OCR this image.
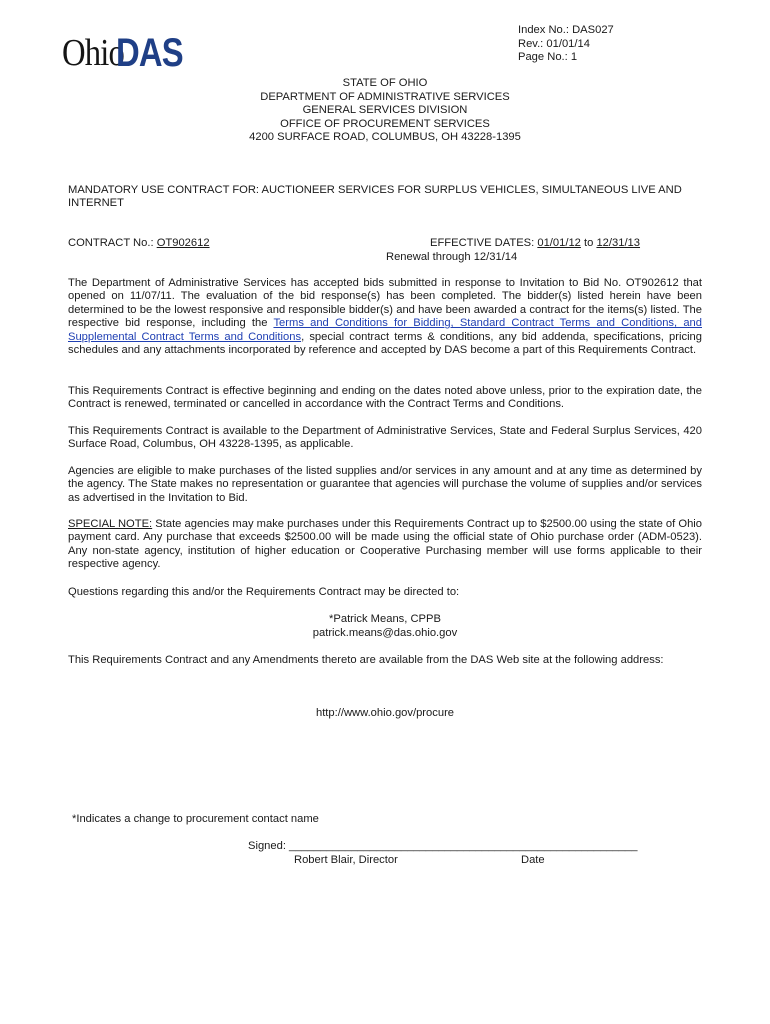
Ohio
DAS
Index No.: DAS027
Rev.: 01/01/14
Page No.: 1
STATE OF OHIO
DEPARTMENT OF ADMINISTRATIVE SERVICES
GENERAL SERVICES DIVISION
OFFICE OF PROCUREMENT SERVICES
4200 SURFACE ROAD, COLUMBUS, OH 43228-1395
MANDATORY USE CONTRACT FOR: AUCTIONEER SERVICES FOR SURPLUS VEHICLES, SIMULTANEOUS LIVE AND INTERNET
CONTRACT No.: OT902612	EFFECTIVE DATES: 01/01/12 to 12/31/13
Renewal through 12/31/14
The Department of Administrative Services has accepted bids submitted in response to Invitation to Bid No. OT902612 that opened on 11/07/11. The evaluation of the bid response(s) has been completed. The bidder(s) listed herein have been determined to be the lowest responsive and responsible bidder(s) and have been awarded a contract for the items(s) listed. The respective bid response, including the Terms and Conditions for Bidding, Standard Contract Terms and Conditions, and Supplemental Contract Terms and Conditions, special contract terms & conditions, any bid addenda, specifications, pricing schedules and any attachments incorporated by reference and accepted by DAS become a part of this Requirements Contract.
This Requirements Contract is effective beginning and ending on the dates noted above unless, prior to the expiration date, the Contract is renewed, terminated or cancelled in accordance with the Contract Terms and Conditions.
This Requirements Contract is available to the Department of Administrative Services, State and Federal Surplus Services, 420 Surface Road, Columbus, OH 43228-1395, as applicable.
Agencies are eligible to make purchases of the listed supplies and/or services in any amount and at any time as determined by the agency. The State makes no representation or guarantee that agencies will purchase the volume of supplies and/or services as advertised in the Invitation to Bid.
SPECIAL NOTE: State agencies may make purchases under this Requirements Contract up to $2500.00 using the state of Ohio payment card. Any purchase that exceeds $2500.00 will be made using the official state of Ohio purchase order (ADM-0523). Any non-state agency, institution of higher education or Cooperative Purchasing member will use forms applicable to their respective agency.
Questions regarding this and/or the Requirements Contract may be directed to:
*Patrick Means, CPPB
patrick.means@das.ohio.gov
This Requirements Contract and any Amendments thereto are available from the DAS Web site at the following address:
http://www.ohio.gov/procure
*Indicates a change to procurement contact name
Signed: ________________________________________________________
Robert Blair, Director	Date
